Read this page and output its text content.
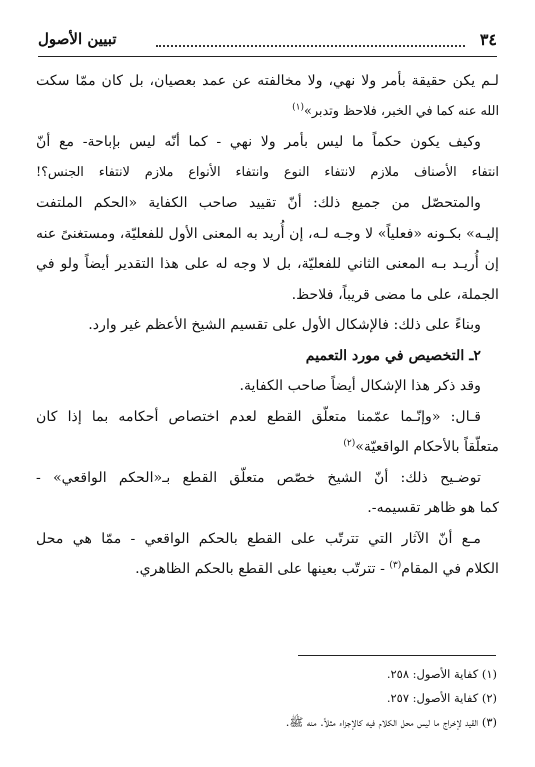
٣٤
تبيين الأصول
لـم يكن حقيقة بأمر ولا نهي، ولا مخالفته عن عمد بعصيان، بل كان ممّا سكت
الله عنه كما في الخبر، فلاحظ وتدبر»$^{(١)}$
وكيف يكون حكماً ما ليس بأمر ولا نهي - كما أنّه ليس بإباحة- مع أنّ
انتفاء الأصناف ملازم لانتفاء النوع وانتفاء الأنواع ملازم لانتفاء الجنس؟!
والمتحصّل من جميع ذلك: أنّ تقييد صاحب الكفاية «الحكم الملتفت
إليـه» بكـونه «فعلياً» لا وجـه لـه، إن أُريد به المعنى الأول للفعليّة، ومستغنىً عنه
إن أُريـد بـه المعنى الثاني للفعليّة، بل لا وجه له على هذا التقدير أيضاً ولو في
الجملة، على ما مضى قريباً، فلاحظ.
وبناءً على ذلك: فالإشكال الأول على تقسيم الشيخ الأعظم غير وارد.
٢ـ التخصيص في مورد التعميم
وقد ذكر هذا الإشكال أيضاً صاحب الكفاية.
قـال: «وإنّـما عمّمنا متعلّق القطع لعدم اختصاص أحكامه بما إذا كان
متعلّقاً بالأحكام الواقعيّة»$^{(٢)}$
توضـيح ذلك: أنّ الشيخ خصّص متعلّق القطع بـ«الحكم الواقعي» -
كما هو ظاهر تقسيمه-.
مـع أنّ الآثار التي تترتّب على القطع بالحكم الواقعي - ممّا هي محل
الكلام في المقام$^{(٣)}$ - تترتّب بعينها على القطع بالحكم الظاهري.
(١) كفاية الأصول: ٢٥٨.
(٢) كفاية الأصول: ٢٥٧.
(٣) القيد لإخراج ما ليس محل الكلام فيه كالإجزاء مثلاً. منه ﷺ.
